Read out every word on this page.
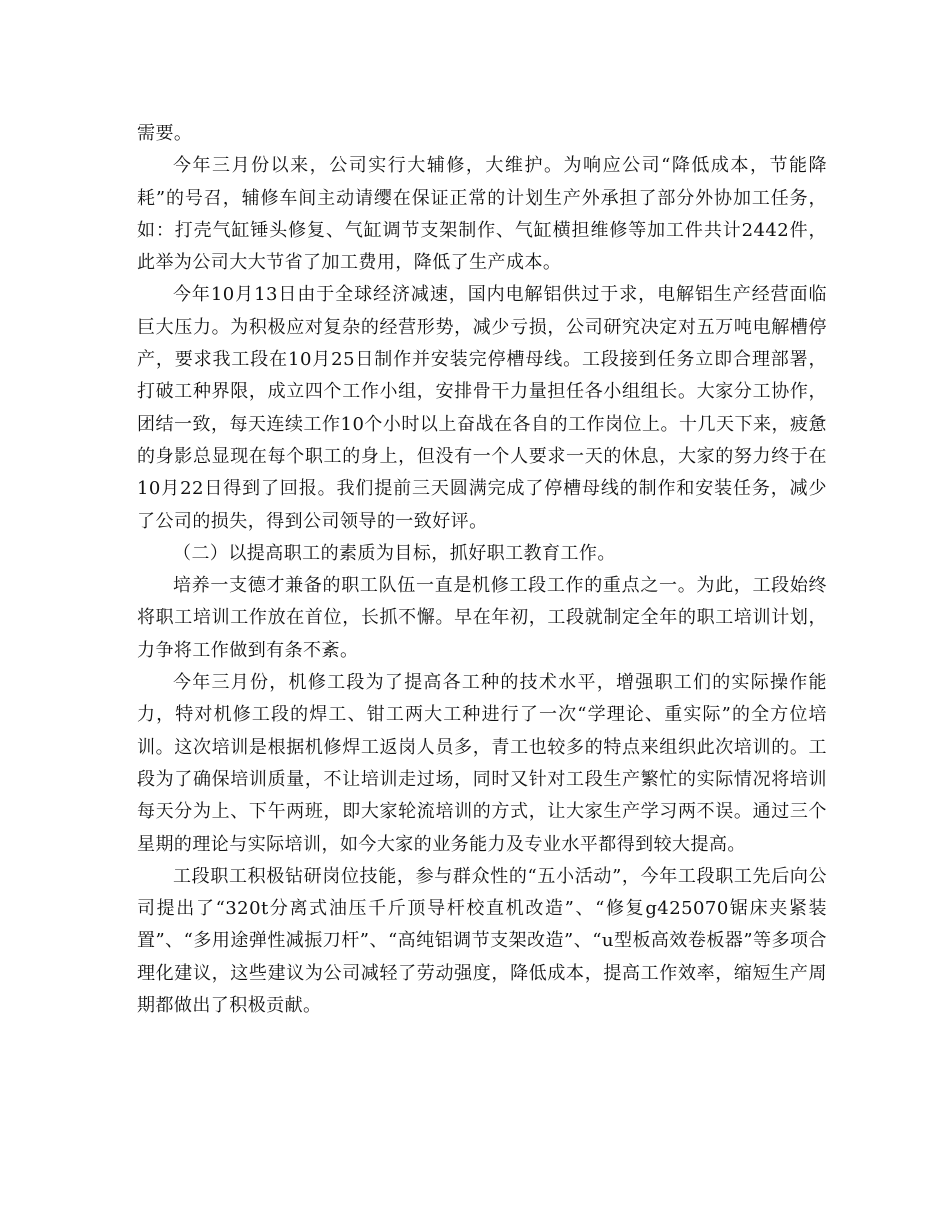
需要。

今年三月份以来，公司实行大辅修，大维护。为响应公司“降低成本，节能降耗”的号召，辅修车间主动请缨在保证正常的计划生产外承担了部分外协加工任务，如：打壳气缸锤头修复、气缸调节支架制作、气缸横担维修等加工件共计2442件，此举为公司大大节省了加工费用，降低了生产成本。

今年10月13日由于全球经济减速，国内电解铝供过于求，电解铝生产经营面临巨大压力。为积极应对复杂的经营形势，减少亏损，公司研究决定对五万吨电解槽停产，要求我工段在10月25日制作并安装完停槽母线。工段接到任务立即合理部署，打破工种界限，成立四个工作小组，安排骨干力量担任各小组组长。大家分工协作，团结一致，每天连续工作10个小时以上奋战在各自的工作岗位上。十几天下来，疲惫的身影总显现在每个职工的身上，但没有一个人要求一天的休息，大家的努力终于在10月22日得到了回报。我们提前三天圆满完成了停槽母线的制作和安装任务，减少了公司的损失，得到公司领导的一致好评。

（二）以提高职工的素质为目标，抓好职工教育工作。

培养一支德才兼备的职工队伍一直是机修工段工作的重点之一。为此，工段始终将职工培训工作放在首位，长抓不懈。早在年初，工段就制定全年的职工培训计划，力争将工作做到有条不紊。

今年三月份，机修工段为了提高各工种的技术水平，增强职工们的实际操作能力，特对机修工段的焊工、钳工两大工种进行了一次“学理论、重实际”的全方位培训。这次培训是根据机修焊工返岗人员多，青工也较多的特点来组织此次培训的。工段为了确保培训质量，不让培训走过场，同时又针对工段生产繁忙的实际情况将培训每天分为上、下午两班，即大家轮流培训的方式，让大家生产学习两不误。通过三个星期的理论与实际培训，如今大家的业务能力及专业水平都得到较大提高。

工段职工积极钻研岗位技能，参与群众性的“五小活动”，今年工段职工先后向公司提出了“320t分离式油压千斤顶导杆校直机改造”、“修复g425070锯床夹紧装置”、“多用途弹性减振刀杆”、“高纯铝调节支架改造”、“u型板高效卷板器”等多项合理化建议，这些建议为公司减轻了劳动强度，降低成本，提高工作效率，缩短生产周期都做出了积极贡献。
